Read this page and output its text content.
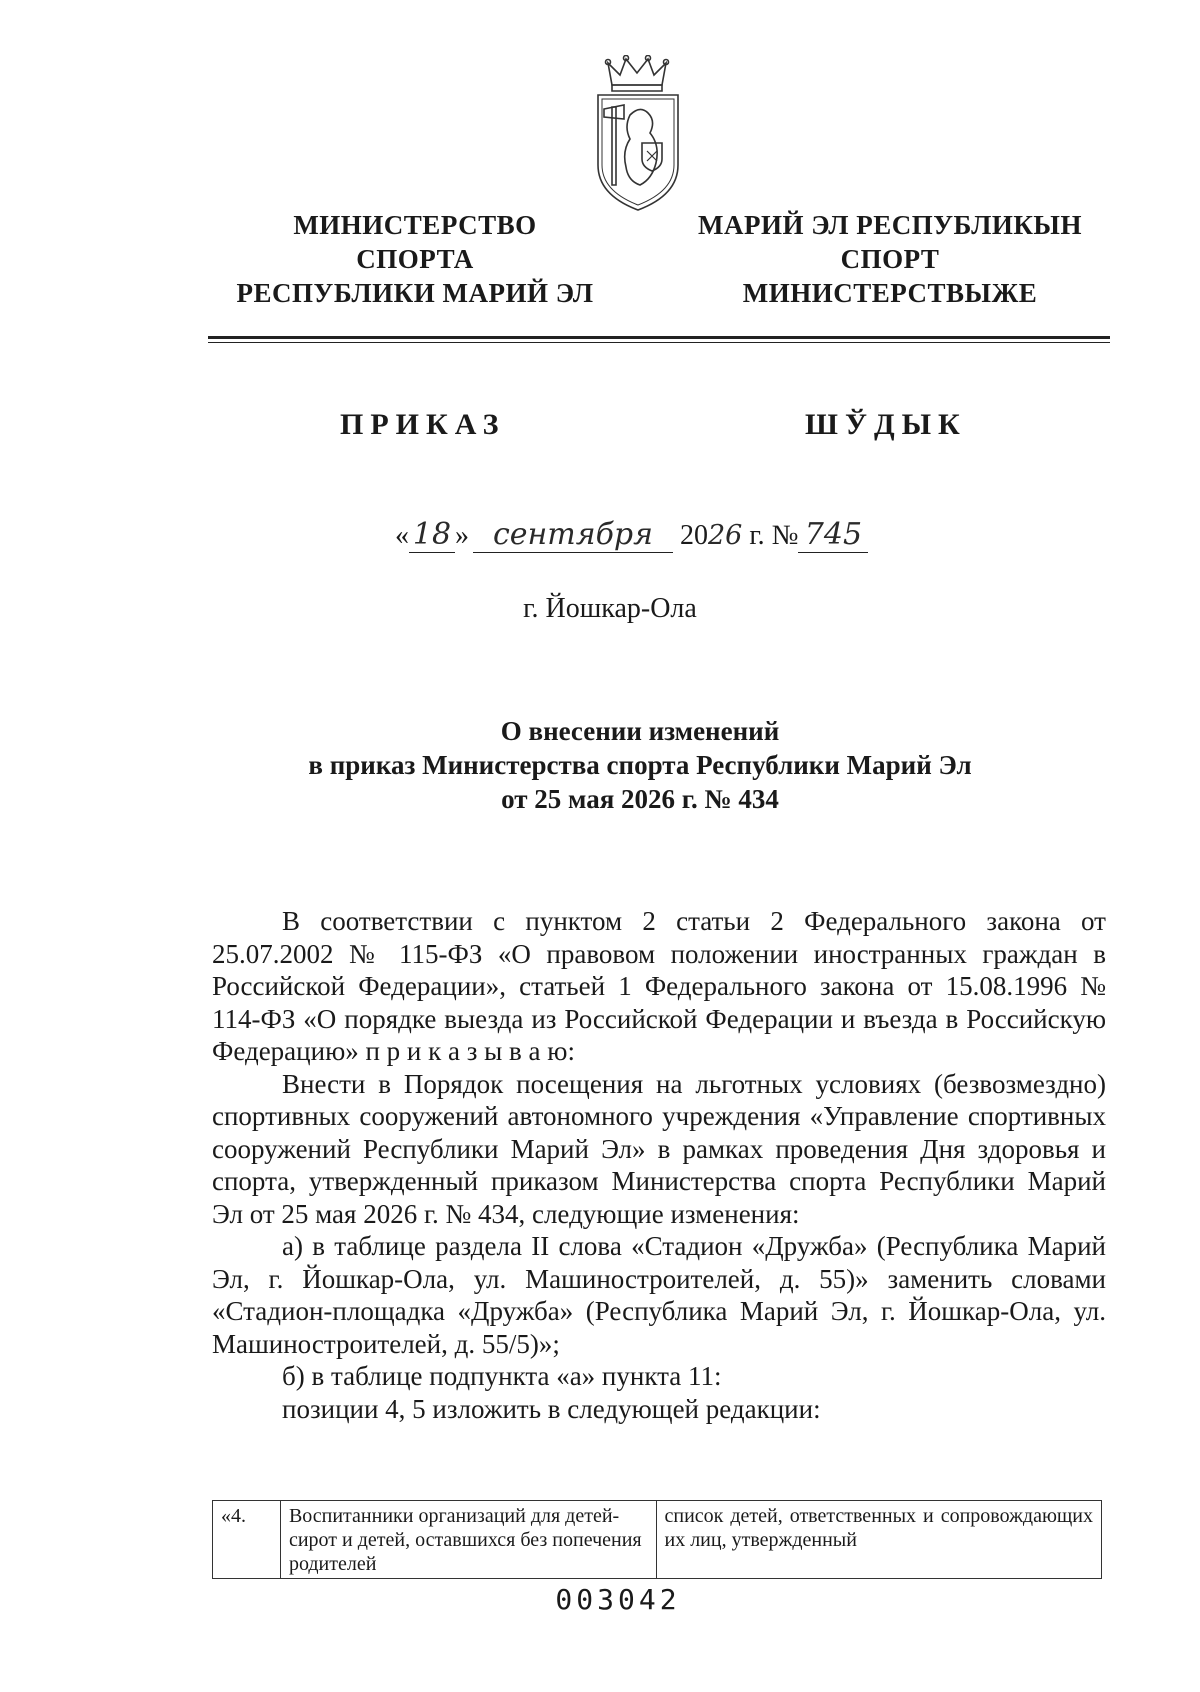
МИНИСТЕРСТВО
СПОРТА
РЕСПУБЛИКИ МАРИЙ ЭЛ
МАРИЙ ЭЛ РЕСПУБЛИКЫН
СПОРТ
МИНИСТЕРСТВЫЖЕ
ПРИКАЗ	ШЎДЫК
« 18 » сентября 2026 г. № 745
г. Йошкар-Ола
О внесении изменений
в приказ Министерства спорта Республики Марий Эл
от 25 мая 2026 г. № 434

В соответствии с пунктом 2 статьи 2 Федерального закона от 25.07.2002 № 115-ФЗ «О правовом положении иностранных граждан в Российской Федерации», статьей 1 Федерального закона от 15.08.1996 № 114-ФЗ «О порядке выезда из Российской Федерации и въезда в Российскую Федерацию» п р и к а з ы в а ю:

Внести в Порядок посещения на льготных условиях (безвозмездно) спортивных сооружений автономного учреждения «Управление спортивных сооружений Республики Марий Эл» в рамках проведения Дня здоровья и спорта, утвержденный приказом Министерства спорта Республики Марий Эл от 25 мая 2026 г. № 434, следующие изменения:

а) в таблице раздела II слова «Стадион «Дружба» (Республика Марий Эл, г. Йошкар-Ола, ул. Машиностроителей, д. 55)» заменить словами «Стадион-площадка «Дружба» (Республика Марий Эл, г. Йошкар-Ола, ул. Машиностроителей, д. 55/5)»;

б) в таблице подпункта «а» пункта 11:

позиции 4, 5 изложить в следующей редакции:

«4.	Воспитанники организаций для детей-сирот и детей, оставшихся без попечения родителей	список детей, ответственных и сопровождающих их лиц, утвержденный
003042
